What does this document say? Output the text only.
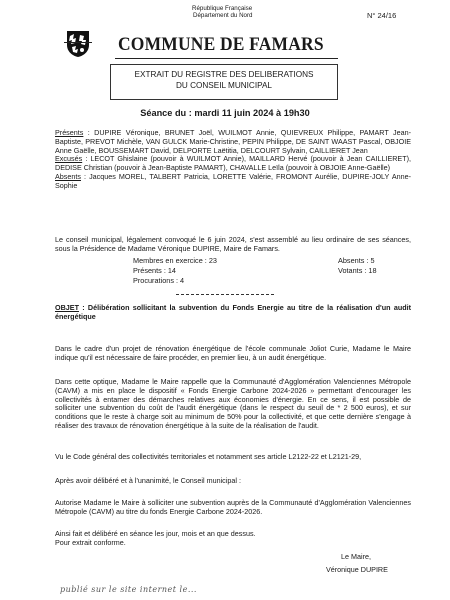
République Française
Département du Nord	N° 24/16
COMMUNE DE FAMARS
EXTRAIT DU REGISTRE DES DELIBERATIONS
DU CONSEIL MUNICIPAL
Séance du : mardi 11 juin 2024 à 19h30
Présents : DUPIRE Véronique, BRUNET Joël, WUILMOT Annie, QUIEVREUX Philippe, PAMART Jean-Baptiste, PREVOT Michèle, VAN GULCK Marie-Christine, PEPIN Philippe, DE SAINT WAAST Pascal, OBJOIE Anne Gaëlle, BOUSSEMART David, DELPORTE Laëtitia, DELCOURT Sylvain, CAILLIERET Jean
Excusés : LECOT Ghislaine (pouvoir à WUILMOT Annie), MAILLARD Hervé (pouvoir à Jean CAILLIERET), DEDISE Christian (pouvoir à Jean-Baptiste PAMART), CHAVALLE Leïla (pouvoir à OBJOIE Anne-Gaëlle)
Absents : Jacques MOREL, TALBERT Patricia, LORETTE Valérie, FROMONT Aurélie, DUPIRE-JOLY Anne-Sophie
Le conseil municipal, légalement convoqué le 6 juin 2024, s'est assemblé au lieu ordinaire de ses séances, sous la Présidence de Madame Véronique DUPIRE, Maire de Famars.
Membres en exercice : 23
Présents : 14
Procurations : 4
Absents : 5
Votants : 18
OBJET : Délibération sollicitant la subvention du Fonds Energie au titre de la réalisation d'un audit énergétique
Dans le cadre d'un projet de rénovation énergétique de l'école communale Joliot Curie, Madame le Maire indique qu'il est nécessaire de faire procéder, en premier lieu, à un audit énergétique.
Dans cette optique, Madame le Maire rappelle que la Communauté d'Agglomération Valenciennes Métropole (CAVM) a mis en place le dispositif « Fonds Energie Carbone 2024-2026 » permettant d'encourager les collectivités à entamer des démarches relatives aux économies d'énergie. En ce sens, il est possible de solliciter une subvention du coût de l'audit énergétique (dans le respect du seuil de * 2 500 euros), et sur conditions que le reste à charge soit au minimum de 50% pour la collectivité, et que cette dernière s'engage à réaliser des travaux de rénovation énergétique à la suite de la réalisation de l'audit.
Vu le Code général des collectivités territoriales et notamment ses article L2122-22 et L2121-29,
Après avoir délibéré et à l'unanimité, le Conseil municipal :
Autorise Madame le Maire à solliciter une subvention auprès de la Communauté d'Agglomération Valenciennes Métropole (CAVM) au titre du fonds Energie Carbone 2024-2026.
Ainsi fait et délibéré en séance les jour, mois et an que dessus.
Pour extrait conforme.
Le Maire,
Véronique DUPIRE
publié sur le site internet le...
